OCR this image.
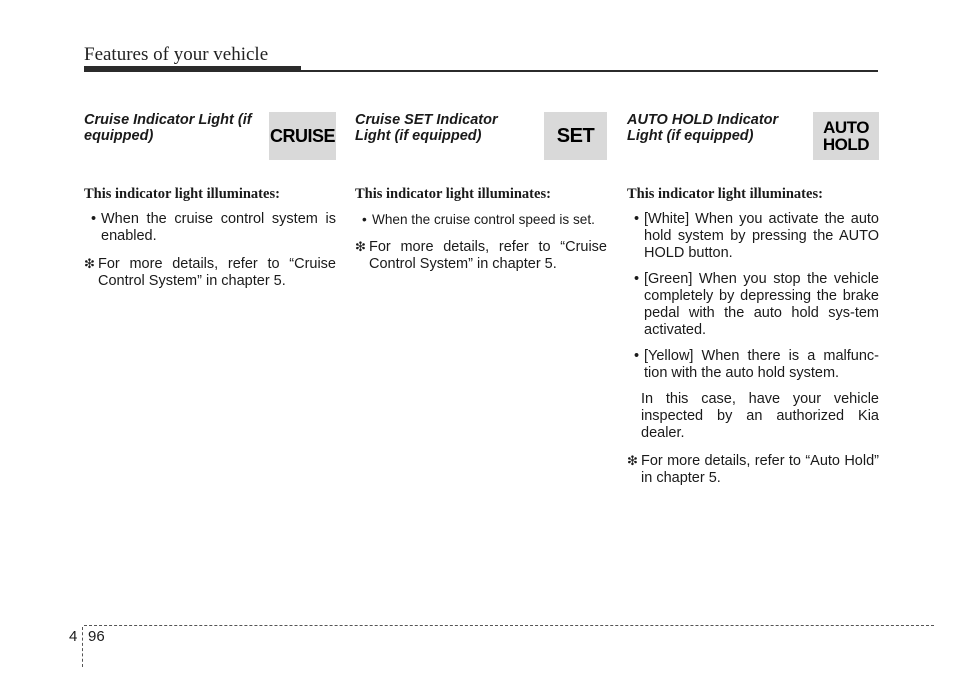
Features of your vehicle
Cruise Indicator Light (if equipped)	CRUISE
This indicator light illuminates:
• When the cruise control system is enabled.
❇ For more details, refer to “Cruise Control System” in chapter 5.
Cruise SET Indicator Light (if equipped)	SET
This indicator light illuminates:
• When the cruise control speed is set.
❇ For more details, refer to “Cruise Control System” in chapter 5.
AUTO HOLD Indicator Light (if equipped)	AUTO
HOLD
This indicator light illuminates:
• [White] When you activate the auto hold system by pressing the AUTO HOLD button.
• [Green] When you stop the vehicle completely by depressing the brake pedal with the auto hold sys-tem activated.
• [Yellow] When there is a malfunc-tion with the auto hold system.
In this case, have your vehicle inspected by an authorized Kia dealer.
❇ For more details, refer to “Auto Hold” in chapter 5.
4 96
